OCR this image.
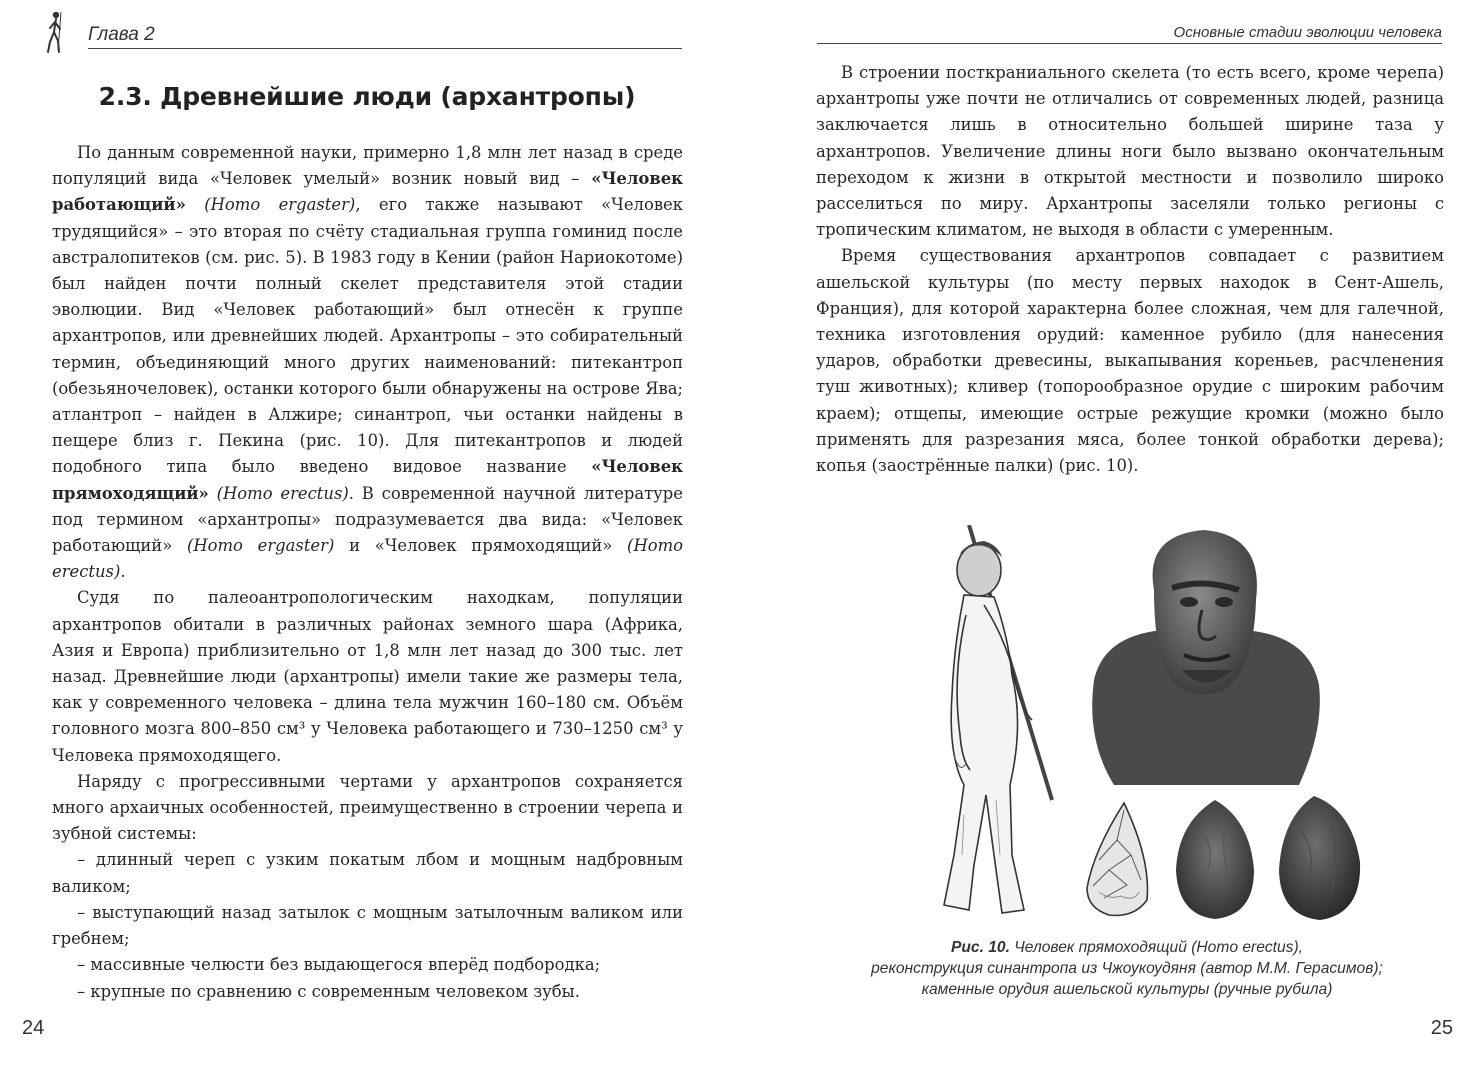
Глава 2
2.3. Древнейшие люди (архантропы)

По данным современной науки, примерно 1,8 млн лет назад в среде популяций вида «Человек умелый» возник новый вид – «Человек работающий» (Homo ergaster), его также называют «Человек трудящийся» – это вторая по счёту стадиальная группа гоминид после австралопитеков (см. рис. 5). В 1983 году в Кении (район Нариокотоме) был найден почти полный скелет представителя этой стадии эволюции. Вид «Человек работающий» был отнесён к группе архантропов, или древнейших людей. Архантропы – это собирательный термин, объединяющий много других наименований: питекантроп (обезьяночеловек), останки которого были обнаружены на острове Ява; атлантроп – найден в Алжире; синантроп, чьи останки найдены в пещере близ г. Пекина (рис. 10). Для питекантропов и людей подобного типа было введено видовое название «Человек прямоходящий» (Homo erectus). В современной научной литературе под термином «архантропы» подразумевается два вида: «Человек работающий» (Homo ergaster) и «Человек прямоходящий» (Homo erectus).

Судя по палеоантропологическим находкам, популяции архантропов обитали в различных районах земного шара (Африка, Азия и Европа) приблизительно от 1,8 млн лет назад до 300 тыс. лет назад. Древнейшие люди (архантропы) имели такие же размеры тела, как у современного человека – длина тела мужчин 160–180 см. Объём головного мозга 800–850 см³ у Человека работающего и 730–1250 см³ у Человека прямоходящего.

Наряду с прогрессивными чертами у архантропов сохраняется много архаичных особенностей, преимущественно в строении черепа и зубной системы:

– длинный череп с узким покатым лбом и мощным надбровным валиком;

– выступающий назад затылок с мощным затылочным валиком или гребнем;

– массивные челюсти без выдающегося вперёд подбородка;

– крупные по сравнению с современным человеком зубы.

24
Основные стадии эволюции человека

В строении посткраниального скелета (то есть всего, кроме черепа) архантропы уже почти не отличались от современных людей, разница заключается лишь в относительно большей ширине таза у архантропов. Увеличение длины ноги было вызвано окончательным переходом к жизни в открытой местности и позволило широко расселиться по миру. Архантропы заселяли только регионы с тропическим климатом, не выходя в области с умеренным.

Время существования архантропов совпадает с развитием ашельской культуры (по месту первых находок в Сент-Ашель, Франция), для которой характерна более сложная, чем для галечной, техника изготовления орудий: каменное рубило (для нанесения ударов, обработки древесины, выкапывания кореньев, расчленения туш животных); кливер (топорообразное орудие с широким рабочим краем); отщепы, имеющие острые режущие кромки (можно было применять для разрезания мяса, более тонкой обработки дерева); копья (заострённые палки) (рис. 10).

Рис. 10. Человек прямоходящий (Homo erectus),
реконструкция синантропа из Чжоукоудяня (автор М.М. Герасимов);
каменные орудия ашельской культуры (ручные рубила)
25
